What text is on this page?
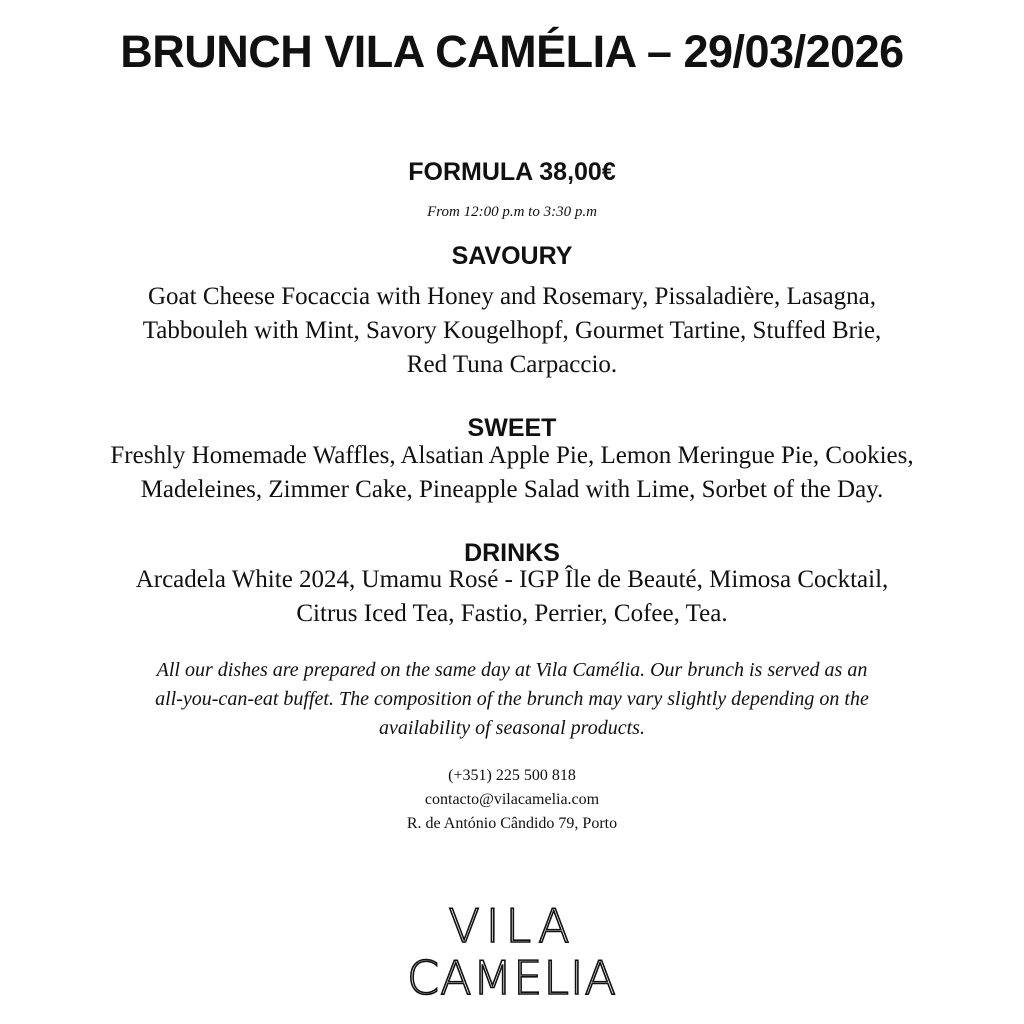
BRUNCH VILA CAMÉLIA – 29/03/2026
FORMULA 38,00€
From 12:00 p.m to 3:30 p.m
SAVOURY
Goat Cheese Focaccia with Honey and Rosemary, Pissaladière, Lasagna,
Tabbouleh with Mint, Savory Kougelhopf, Gourmet Tartine, Stuffed Brie,
Red Tuna Carpaccio.
SWEET
Freshly Homemade Waffles, Alsatian Apple Pie, Lemon Meringue Pie, Cookies,
Madeleines, Zimmer Cake, Pineapple Salad with Lime, Sorbet of the Day.
DRINKS
Arcadela White 2024, Umamu Rosé - IGP Île de Beauté, Mimosa Cocktail,
Citrus Iced Tea, Fastio, Perrier, Cofee, Tea.
All our dishes are prepared on the same day at Vila Camélia. Our brunch is served as an
all-you-can-eat buffet. The composition of the brunch may vary slightly depending on the
availability of seasonal products.
(+351) 225 500 818
contacto@vilacamelia.com
R. de António Cândido 79, Porto
VILA
CAMELIA
